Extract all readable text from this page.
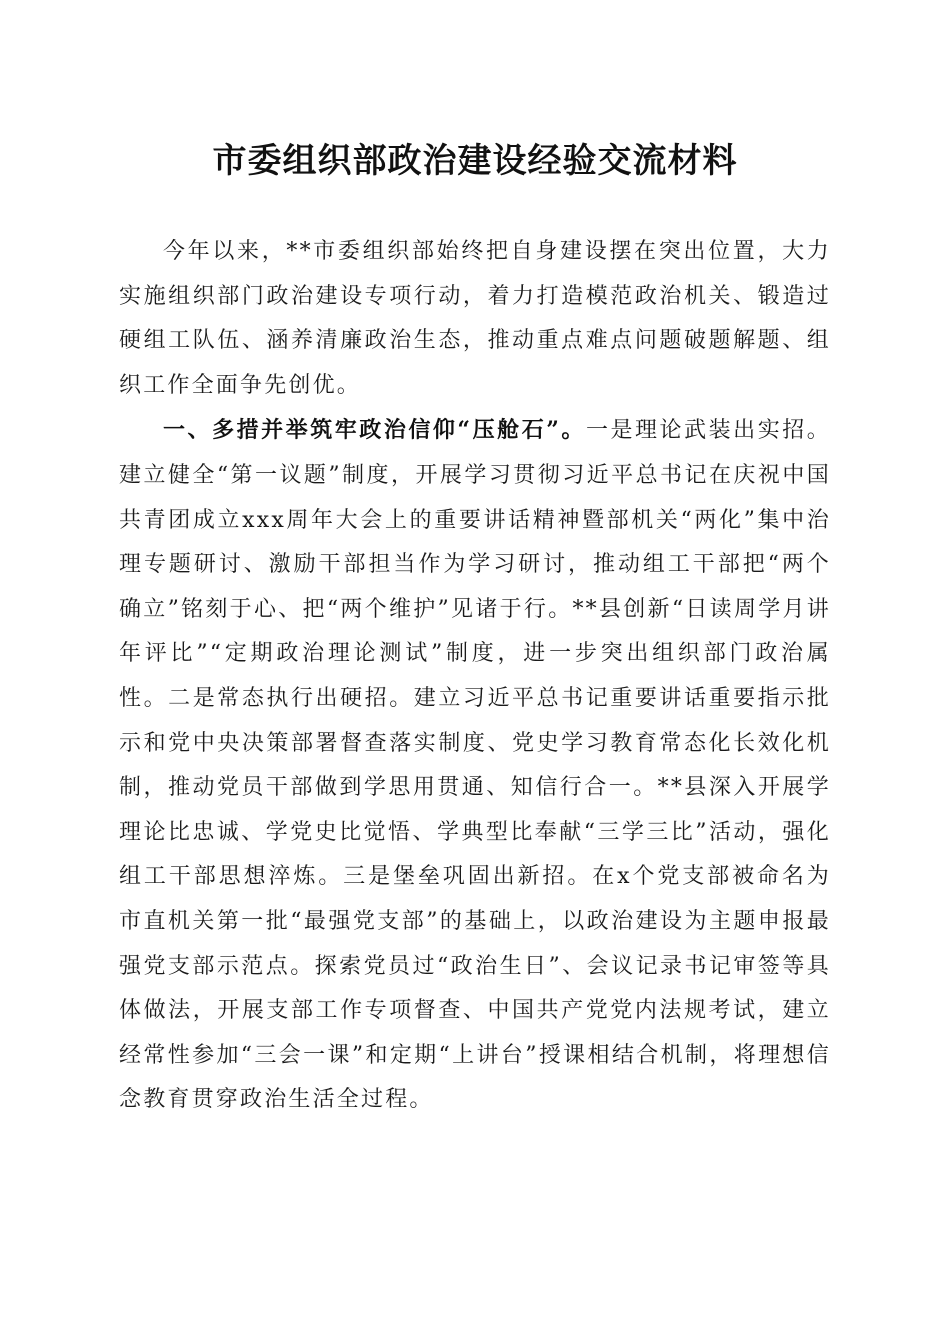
市委组织部政治建设经验交流材料

今年以来，**市委组织部始终把自身建设摆在突出位置，大力实施组织部门政治建设专项行动，着力打造模范政治机关、锻造过硬组工队伍、涵养清廉政治生态，推动重点难点问题破题解题、组织工作全面争先创优。

一、多措并举筑牢政治信仰“压舱石”。一是理论武装出实招。建立健全“第一议题”制度，开展学习贯彻习近平总书记在庆祝中国共青团成立xxx周年大会上的重要讲话精神暨部机关“两化”集中治理专题研讨、激励干部担当作为学习研讨，推动组工干部把“两个确立”铭刻于心、把“两个维护”见诸于行。**县创新“日读周学月讲年评比”“定期政治理论测试”制度，进一步突出组织部门政治属性。二是常态执行出硬招。建立习近平总书记重要讲话重要指示批示和党中央决策部署督查落实制度、党史学习教育常态化长效化机制，推动党员干部做到学思用贯通、知信行合一。**县深入开展学理论比忠诚、学党史比觉悟、学典型比奉献“三学三比”活动，强化组工干部思想淬炼。三是堡垒巩固出新招。在x个党支部被命名为市直机关第一批“最强党支部”的基础上，以政治建设为主题申报最强党支部示范点。探索党员过“政治生日”、会议记录书记审签等具体做法，开展支部工作专项督查、中国共产党党内法规考试，建立经常性参加“三会一课”和定期“上讲台”授课相结合机制，将理想信念教育贯穿政治生活全过程。
